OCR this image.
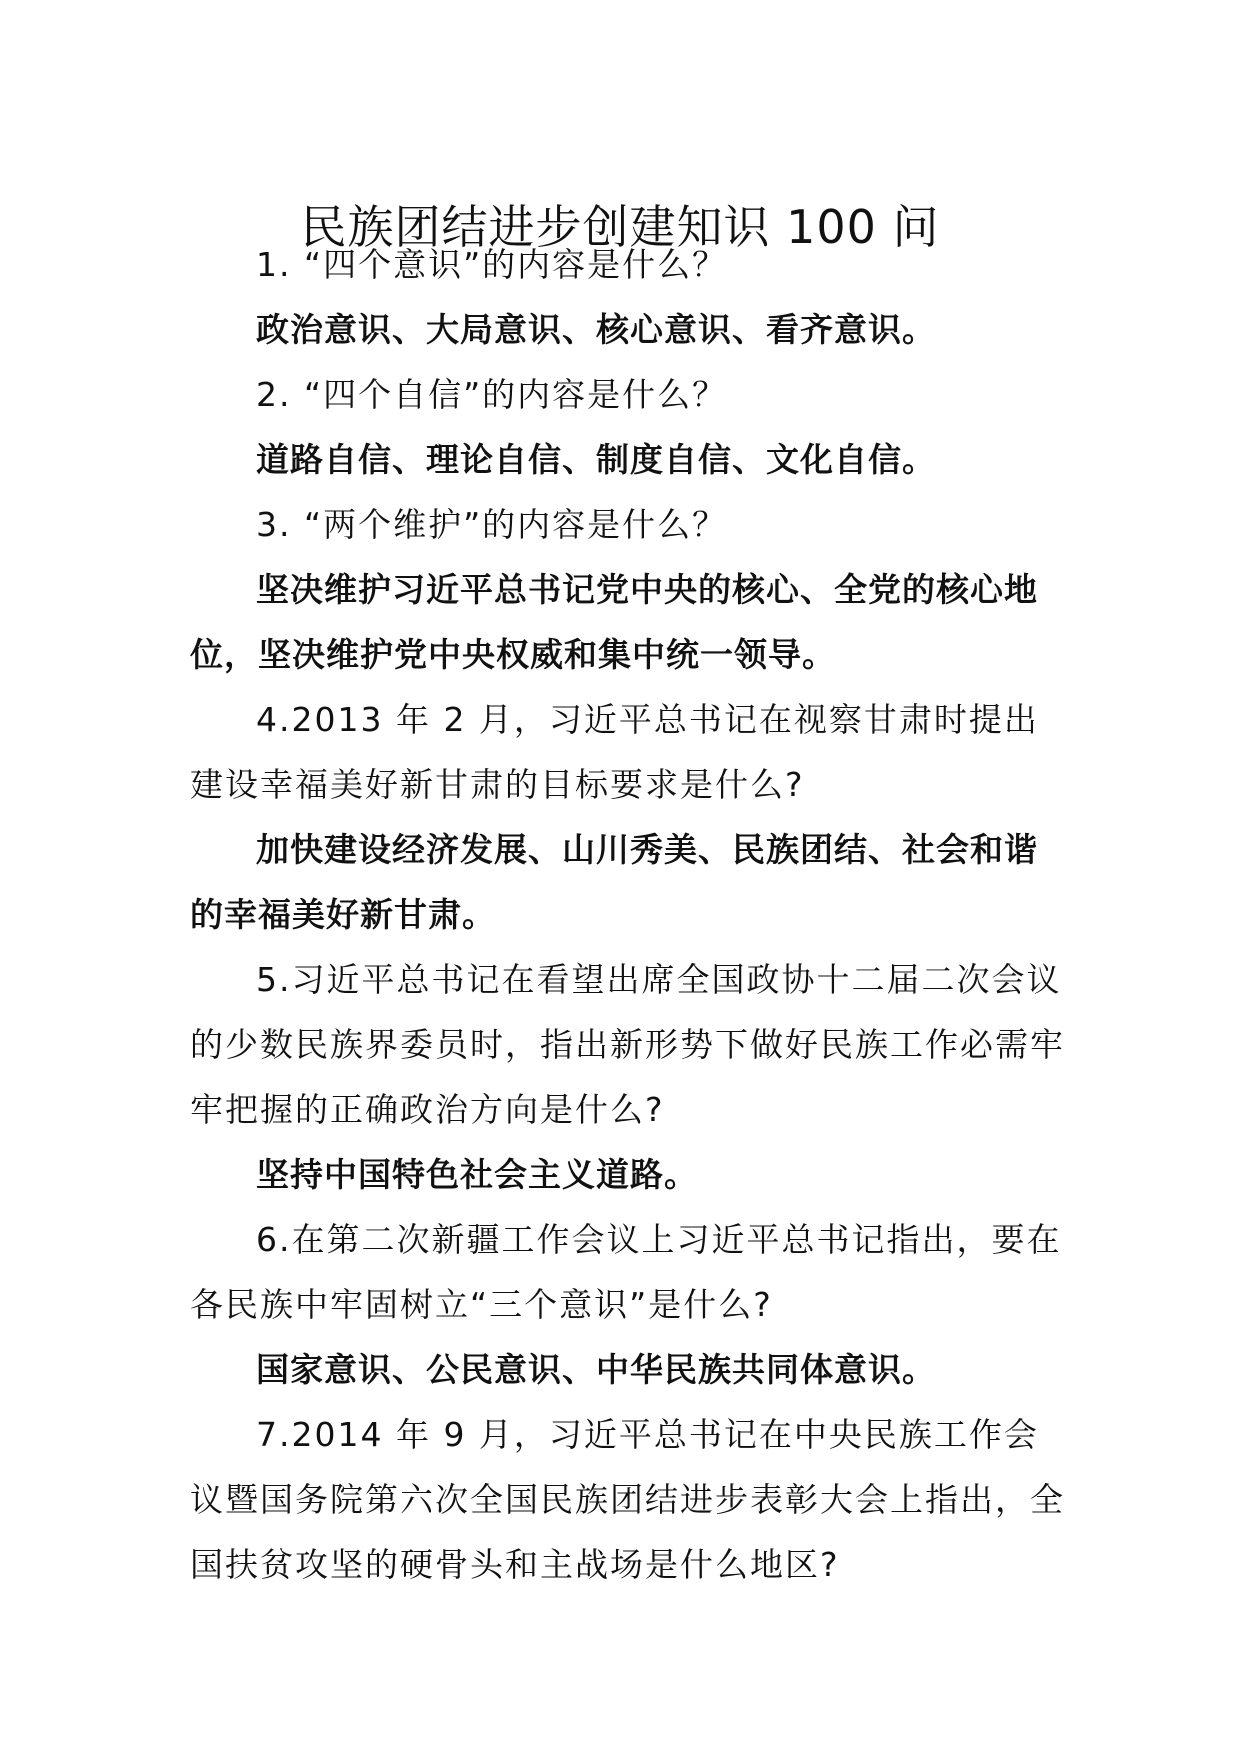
民族团结进步创建知识 100 问

1. “四个意识”的内容是什么？

政治意识、大局意识、核心意识、看齐意识。

2. “四个自信”的内容是什么？

道路自信、理论自信、制度自信、文化自信。

3. “两个维护”的内容是什么？

坚决维护习近平总书记党中央的核心、全党的核心地位，坚决维护党中央权威和集中统一领导。

4.2013 年 2 月，习近平总书记在视察甘肃时提出建设幸福美好新甘肃的目标要求是什么?

加快建设经济发展、山川秀美、民族团结、社会和谐的幸福美好新甘肃。

5.习近平总书记在看望出席全国政协十二届二次会议的少数民族界委员时，指出新形势下做好民族工作必需牢牢把握的正确政治方向是什么?

坚持中国特色社会主义道路。

6.在第二次新疆工作会议上习近平总书记指出，要在各民族中牢固树立“三个意识”是什么?

国家意识、公民意识、中华民族共同体意识。

7.2014 年 9 月，习近平总书记在中央民族工作会议暨国务院第六次全国民族团结进步表彰大会上指出，全国扶贫攻坚的硬骨头和主战场是什么地区?
